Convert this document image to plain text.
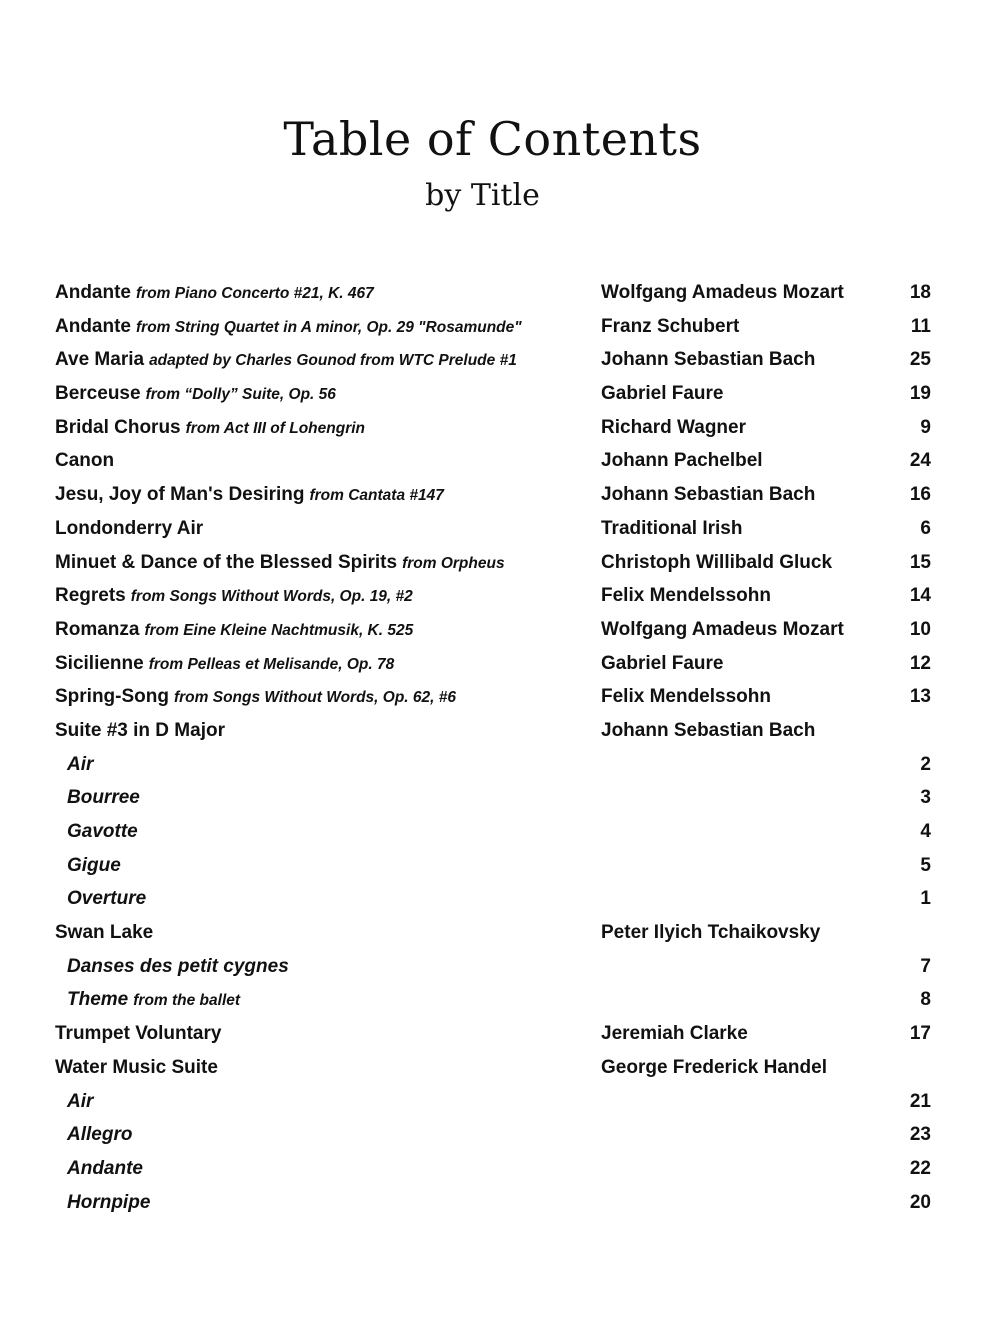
Table of Contents
by Title
Andante from Piano Concerto #21, K. 467	Wolfgang Amadeus Mozart	18
Andante from String Quartet in A minor, Op. 29 "Rosamunde"	Franz Schubert	11
Ave Maria adapted by Charles Gounod from WTC Prelude #1	Johann Sebastian Bach	25
Berceuse from “Dolly” Suite, Op. 56	Gabriel Faure	19
Bridal Chorus from Act III of Lohengrin	Richard Wagner	9
Canon	Johann Pachelbel	24
Jesu, Joy of Man's Desiring from Cantata #147	Johann Sebastian Bach	16
Londonderry Air	Traditional Irish	6
Minuet & Dance of the Blessed Spirits from Orpheus	Christoph Willibald Gluck	15
Regrets from Songs Without Words, Op. 19, #2	Felix Mendelssohn	14
Romanza from Eine Kleine Nachtmusik, K. 525	Wolfgang Amadeus Mozart	10
Sicilienne from Pelleas et Melisande, Op. 78	Gabriel Faure	12
Spring-Song from Songs Without Words, Op. 62, #6	Felix Mendelssohn	13
Suite #3 in D Major	Johann Sebastian Bach
Air	2
Bourree	3
Gavotte	4
Gigue	5
Overture	1
Swan Lake	Peter Ilyich Tchaikovsky
Danses des petit cygnes	7
Theme from the ballet	8
Trumpet Voluntary	Jeremiah Clarke	17
Water Music Suite	George Frederick Handel
Air	21
Allegro	23
Andante	22
Hornpipe	20
